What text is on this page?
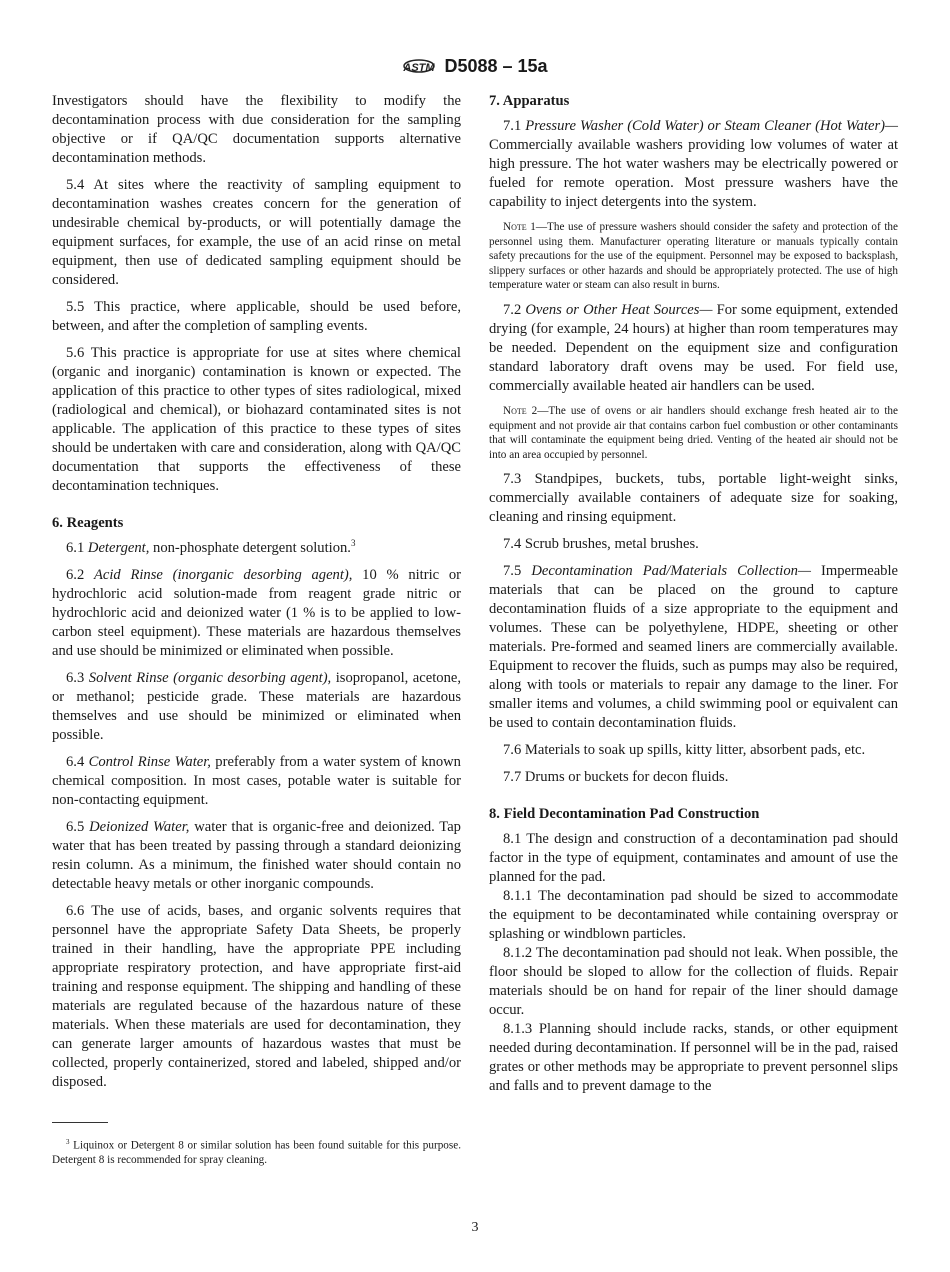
ASTM D5088 – 15a

Investigators should have the flexibility to modify the decontamination process with due consideration for the sampling objective or if QA/QC documentation supports alternative decontamination methods.

5.4 At sites where the reactivity of sampling equipment to decontamination washes creates concern for the generation of undesirable chemical by-products, or will potentially damage the equipment surfaces, for example, the use of an acid rinse on metal equipment, then use of dedicated sampling equipment should be considered.

5.5 This practice, where applicable, should be used before, between, and after the completion of sampling events.

5.6 This practice is appropriate for use at sites where chemical (organic and inorganic) contamination is known or expected. The application of this practice to other types of sites radiological, mixed (radiological and chemical), or biohazard contaminated sites is not applicable. The application of this practice to these types of sites should be undertaken with care and consideration, along with QA/QC documentation that supports the effectiveness of these decontamination techniques.

6. Reagents

6.1 Detergent, non-phosphate detergent solution.$^3$

6.2 Acid Rinse (inorganic desorbing agent), 10 % nitric or hydrochloric acid solution-made from reagent grade nitric or hydrochloric acid and deionized water (1 % is to be applied to low-carbon steel equipment). These materials are hazardous themselves and use should be minimized or eliminated when possible.

6.3 Solvent Rinse (organic desorbing agent), isopropanol, acetone, or methanol; pesticide grade. These materials are hazardous themselves and use should be minimized or eliminated when possible.

6.4 Control Rinse Water, preferably from a water system of known chemical composition. In most cases, potable water is suitable for non-contacting equipment.

6.5 Deionized Water, water that is organic-free and deionized. Tap water that has been treated by passing through a standard deionizing resin column. As a minimum, the finished water should contain no detectable heavy metals or other inorganic compounds.

6.6 The use of acids, bases, and organic solvents requires that personnel have the appropriate Safety Data Sheets, be properly trained in their handling, have the appropriate PPE including appropriate respiratory protection, and have appropriate first-aid training and response equipment. The shipping and handling of these materials are regulated because of the hazardous nature of these materials. When these materials are used for decontamination, they can generate larger amounts of hazardous wastes that must be collected, properly containerized, stored and labeled, shipped and/or disposed.

7. Apparatus

7.1 Pressure Washer (Cold Water) or Steam Cleaner (Hot Water)— Commercially available washers providing low volumes of water at high pressure. The hot water washers may be electrically powered or fueled for remote operation. Most pressure washers have the capability to inject detergents into the system.

Note 1—The use of pressure washers should consider the safety and protection of the personnel using them. Manufacturer operating literature or manuals typically contain safety precautions for the use of the equipment. Personnel may be exposed to backsplash, slippery surfaces or other hazards and should be appropriately protected. The use of high temperature water or steam can also result in burns.

7.2 Ovens or Other Heat Sources— For some equipment, extended drying (for example, 24 hours) at higher than room temperatures may be needed. Dependent on the equipment size and configuration standard laboratory draft ovens may be used. For field use, commercially available heated air handlers can be used.

Note 2—The use of ovens or air handlers should exchange fresh heated air to the equipment and not provide air that contains carbon fuel combustion or other contaminants that will contaminate the equipment being dried. Venting of the heated air should not be into an area occupied by personnel.

7.3 Standpipes, buckets, tubs, portable light-weight sinks, commercially available containers of adequate size for soaking, cleaning and rinsing equipment.

7.4 Scrub brushes, metal brushes.

7.5 Decontamination Pad/Materials Collection— Impermeable materials that can be placed on the ground to capture decontamination fluids of a size appropriate to the equipment and volumes. These can be polyethylene, HDPE, sheeting or other materials. Pre-formed and seamed liners are commercially available. Equipment to recover the fluids, such as pumps may also be required, along with tools or materials to repair any damage to the liner. For smaller items and volumes, a child swimming pool or equivalent can be used to contain decontamination fluids.

7.6 Materials to soak up spills, kitty litter, absorbent pads, etc.

7.7 Drums or buckets for decon fluids.

8. Field Decontamination Pad Construction

8.1 The design and construction of a decontamination pad should factor in the type of equipment, contaminates and amount of use the planned for the pad.

8.1.1 The decontamination pad should be sized to accommodate the equipment to be decontaminated while containing overspray or splashing or windblown particles.

8.1.2 The decontamination pad should not leak. When possible, the floor should be sloped to allow for the collection of fluids. Repair materials should be on hand for repair of the liner should damage occur.

8.1.3 Planning should include racks, stands, or other equipment needed during decontamination. If personnel will be in the pad, raised grates or other methods may be appropriate to prevent personnel slips and falls and to prevent damage to the

$^3$ Liquinox or Detergent 8 or similar solution has been found suitable for this purpose. Detergent 8 is recommended for spray cleaning.
3
